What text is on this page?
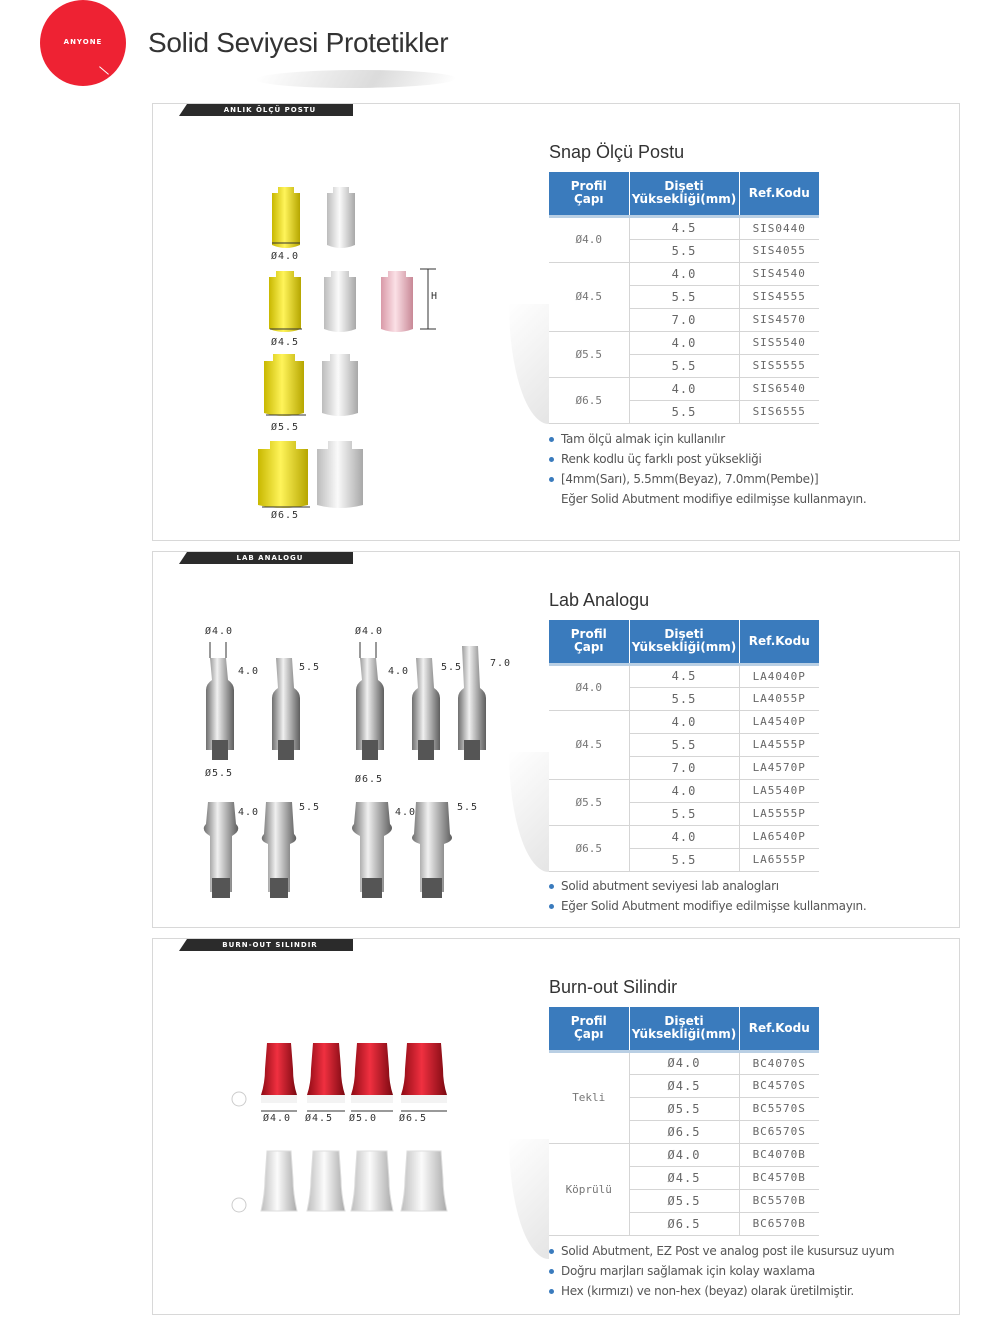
ANYONE	Solid Seviyesi Protetikler
ANLIK ÖLÇÜ POSTU
Snap Ölçü Postu
Ø4.0
Ø4.5
Ø5.5
Ø6.5
H
Profil
Çapı	Dişeti
Yüksekliği(mm)	Ref.Kodu
Ø4.0	4.5	SIS0440
	5.5	SIS4055
Ø4.5	4.0	SIS4540
	5.5	SIS4555
	7.0	SIS4570
Ø5.5	4.0	SIS5540
	5.5	SIS5555
Ø6.5	4.0	SIS6540
	5.5	SIS6555
Tam ölçü almak için kullanılır
Renk kodlu üç farklı post yüksekliği
[4mm(Sarı), 5.5mm(Beyaz), 7.0mm(Pembe)]
Eğer Solid Abutment modifiye edilmişse kullanmayın.
LAB ANALOGU
Lab Analogu
Ø4.0	Ø4.0
4.0	5.5	4.0	5.5	7.0
Ø5.5
Ø6.5
4.0	5.5	4.0	5.5
Profil
Çapı	Dişeti
Yüksekliği(mm)	Ref.Kodu
Ø4.0	4.5	LA4040P
	5.5	LA4055P
Ø4.5	4.0	LA4540P
	5.5	LA4555P
	7.0	LA4570P
Ø5.5	4.0	LA5540P
	5.5	LA5555P
Ø6.5	4.0	LA6540P
	5.5	LA6555P
Solid abutment seviyesi lab analogları
Eğer Solid Abutment modifiye edilmişse kullanmayın.
BURN-OUT SILINDIR
Burn-out Silindir
Ø4.0 Ø4.5 Ø5.0 Ø6.5
Profil
Çapı	Dişeti
Yüksekliği(mm)	Ref.Kodu
Tekli	Ø4.0	BC4070S
	Ø4.5	BC4570S
	Ø5.5	BC5570S
	Ø6.5	BC6570S
Köprülü	Ø4.0	BC4070B
	Ø4.5	BC4570B
	Ø5.5	BC5570B
	Ø6.5	BC6570B
Solid Abutment, EZ Post ve analog post ile kusursuz uyum
Doğru marjları sağlamak için kolay waxlama
Hex (kırmızı) ve non-hex (beyaz) olarak üretilmiştir.
